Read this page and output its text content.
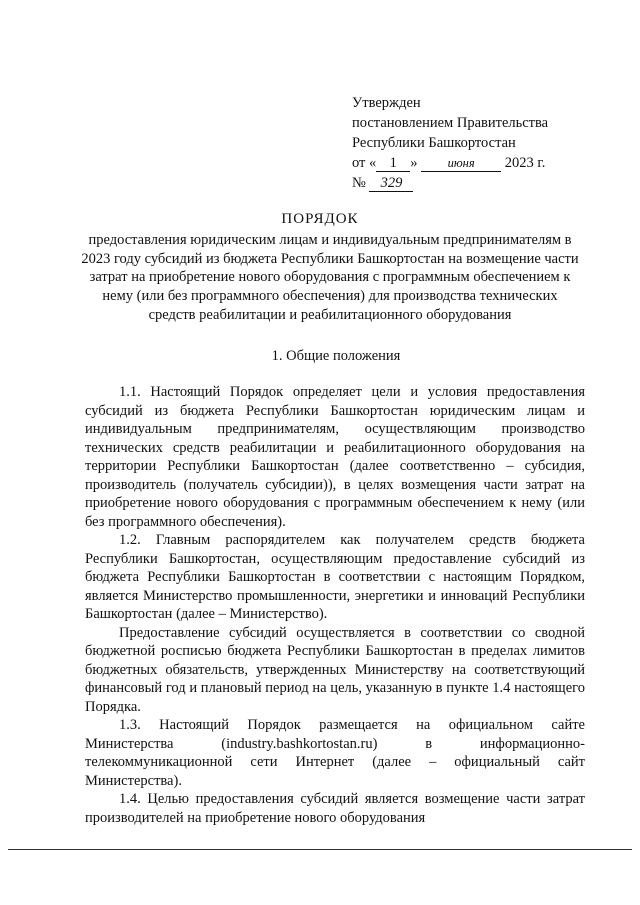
Утвержден
постановлением Правительства
Республики Башкортостан
от « 1 » июня 2023 г.
№ 329
ПОРЯДОК
предоставления юридическим лицам и индивидуальным предпринимателям в 2023 году субсидий из бюджета Республики Башкортостан на возмещение части затрат на приобретение нового оборудования с программным обеспечением к нему (или без программного обеспечения) для производства технических средств реабилитации и реабилитационного оборудования
1. Общие положения

1.1. Настоящий Порядок определяет цели и условия предоставления субсидий из бюджета Республики Башкортостан юридическим лицам и индивидуальным предпринимателям, осуществляющим производство технических средств реабилитации и реабилитационного оборудования на территории Республики Башкортостан (далее соответственно – субсидия, производитель (получатель субсидии)), в целях возмещения части затрат на приобретение нового оборудования с программным обеспечением к нему (или без программного обеспечения).

1.2. Главным распорядителем как получателем средств бюджета Республики Башкортостан, осуществляющим предоставление субсидий из бюджета Республики Башкортостан в соответствии с настоящим Порядком, является Министерство промышленности, энергетики и инноваций Республики Башкортостан (далее – Министерство).

Предоставление субсидий осуществляется в соответствии со сводной бюджетной росписью бюджета Республики Башкортостан в пределах лимитов бюджетных обязательств, утвержденных Министерству на соответствующий финансовый год и плановый период на цель, указанную в пункте 1.4 настоящего Порядка.

1.3. Настоящий Порядок размещается на официальном сайте Министерства (industry.bashkortostan.ru) в информационно-телекоммуникационной сети Интернет (далее – официальный сайт Министерства).

1.4. Целью предоставления субсидий является возмещение части затрат производителей на приобретение нового оборудования
